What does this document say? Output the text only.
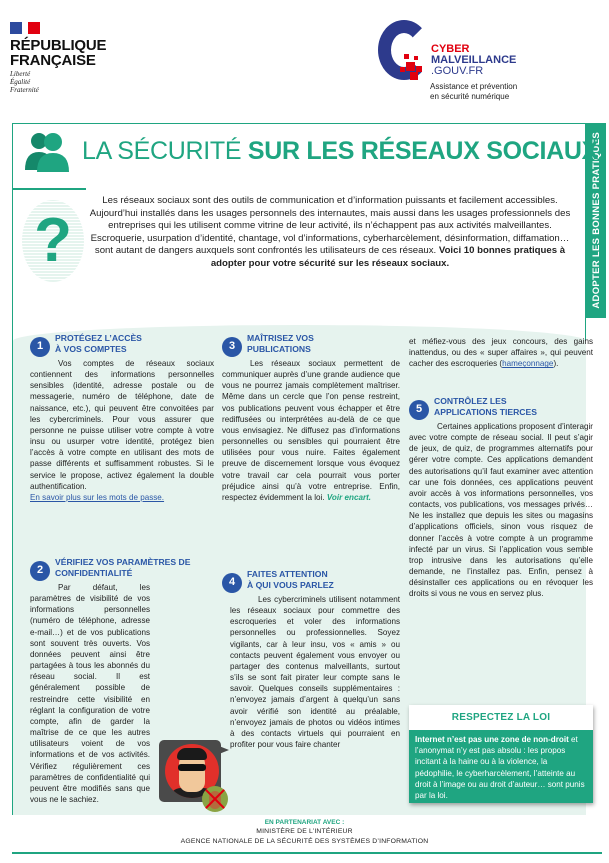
RÉPUBLIQUE
FRANÇAISE
Liberté
Égalité
Fraternité
CYBER
MALVEILLANCE
.GOUV.FR
Assistance et prévention
en sécurité numérique
ADOPTER LES BONNES PRATIQUES
LA SÉCURITÉ SUR LES RÉSEAUX SOCIAUX
?
Les réseaux sociaux sont des outils de communication et d’information puissants et facilement accessibles. Aujourd’hui installés dans les usages personnels des internautes, mais aussi dans les usages professionnels des entreprises qui les utilisent comme vitrine de leur activité, ils n’échappent pas aux activités malveillantes. Escroquerie, usurpation d’identité, chantage, vol d’informations, cyberharcèlement, désinformation, diffamation… sont autant de dangers auxquels sont confrontés les utilisateurs de ces réseaux. Voici 10 bonnes pratiques à adopter pour votre sécurité sur les réseaux sociaux.
1
PROTÉGEZ L’ACCÈS
À VOS COMPTES
Vos comptes de réseaux sociaux contiennent des informations personnelles sensibles (identité, adresse postale ou de messagerie, numéro de téléphone, date de naissance, etc.), qui peuvent être convoitées par les cybercriminels. Pour vous assurer que personne ne puisse utiliser votre compte à votre insu ou usurper votre identité, protégez bien l’accès à votre compte en utilisant des mots de passe différents et suffisamment robustes. Si le service le propose, activez également la double authentification.
En savoir plus sur les mots de passe.
2
VÉRIFIEZ VOS PARAMÈTRES DE
CONFIDENTIALITÉ
Par défaut, les paramètres de visibilité de vos informations personnelles (numéro de téléphone, adresse e-mail…) et de vos publications sont souvent très ouverts. Vos données peuvent ainsi être partagées à tous les abonnés du réseau social. Il est généralement possible de restreindre cette visibilité en réglant la configuration de votre compte, afin de garder la maîtrise de ce que les autres utilisateurs voient de vos informations et de vos activités. Vérifiez régulièrement ces paramètres de confidentialité qui peuvent être modifiés sans que vous ne le sachiez.
3
MAÎTRISEZ VOS
PUBLICATIONS
Les réseaux sociaux permettent de communiquer auprès d’une grande audience que vous ne pourrez jamais complètement maîtriser. Même dans un cercle que l’on pense restreint, vos publications peuvent vous échapper et être rediffusées ou interprétées au-delà de ce que vous envisagiez. Ne diffusez pas d’informations personnelles ou sensibles qui pourraient être utilisées pour vous nuire. Faites également preuve de discernement lorsque vous évoquez votre travail car cela pourrait vous porter préjudice ainsi qu’à votre entreprise. Enfin, respectez évidemment la loi. Voir encart.
4
FAITES ATTENTION
À QUI VOUS PARLEZ
Les cybercriminels utilisent notamment les réseaux sociaux pour commettre des escroqueries et voler des informations personnelles ou professionnelles. Soyez vigilants, car à leur insu, vos « amis » ou contacts peuvent également vous envoyer ou partager des contenus malveillants, surtout s’ils se sont fait pirater leur compte sans le savoir. Quelques conseils supplémentaires : n’envoyez jamais d’argent à quelqu’un sans avoir vérifié son identité au préalable, n’envoyez jamais de photos ou vidéos intimes à des contacts virtuels qui pourraient en profiter pour vous faire chanter
et méfiez-vous des jeux concours, des gains inattendus, ou des « super affaires », qui peuvent cacher des escroqueries (hameçonnage).
5
CONTRÔLEZ LES
APPLICATIONS TIERCES
Certaines applications proposent d’interagir avec votre compte de réseau social. Il peut s’agir de jeux, de quiz, de programmes alternatifs pour gérer votre compte. Ces applications demandent des autorisations qu’il faut examiner avec attention car une fois données, ces applications peuvent avoir accès à vos informations personnelles, vos contacts, vos publications, vos messages privés… Ne les installez que depuis les sites ou magasins d’applications officiels, sinon vous risquez de donner l’accès à votre compte à un programme infecté par un virus. Si l’application vous semble trop intrusive dans les autorisations qu’elle demande, ne l’installez pas. Enfin, pensez à désinstaller ces applications ou en révoquer les droits si vous ne vous en servez plus.
RESPECTEZ LA LOI
Internet n’est pas une zone de non-droit et l’anonymat n’y est pas absolu : les propos incitant à la haine ou à la violence, la pédophilie, le cyberharcèlement, l’atteinte au droit à l’image ou au droit d’auteur… sont punis par la loi.
EN PARTENARIAT AVEC :
MINISTÈRE DE L’INTÉRIEUR
AGENCE NATIONALE DE LA SÉCURITÉ DES SYSTÈMES D’INFORMATION
